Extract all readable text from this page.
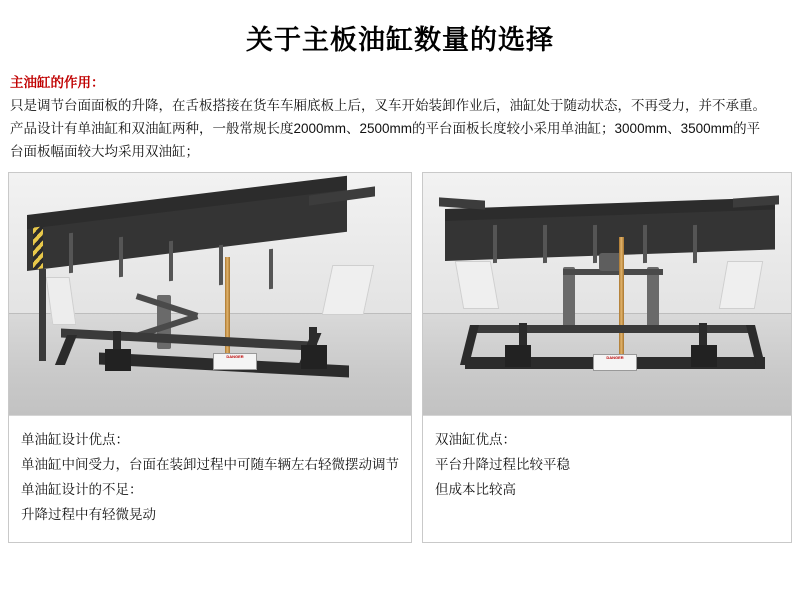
关于主板油缸数量的选择

主油缸的作用：

只是调节台面面板的升降，在舌板搭接在货车车厢底板上后，叉车开始装卸作业后，油缸处于随动状态，不再受力，并不承重。

产品设计有单油缸和双油缸两种，一般常规长度2000mm、2500mm的平台面板长度较小采用单油缸；3000mm、3500mm的平

台面板幅面较大均采用双油缸；

DANGER
单油缸设计优点：
单油缸中间受力，台面在装卸过程中可随车辆左右轻微摆动调节
单油缸设计的不足：
升降过程中有轻微晃动
DANGER
双油缸优点：
平台升降过程比较平稳
但成本比较高
